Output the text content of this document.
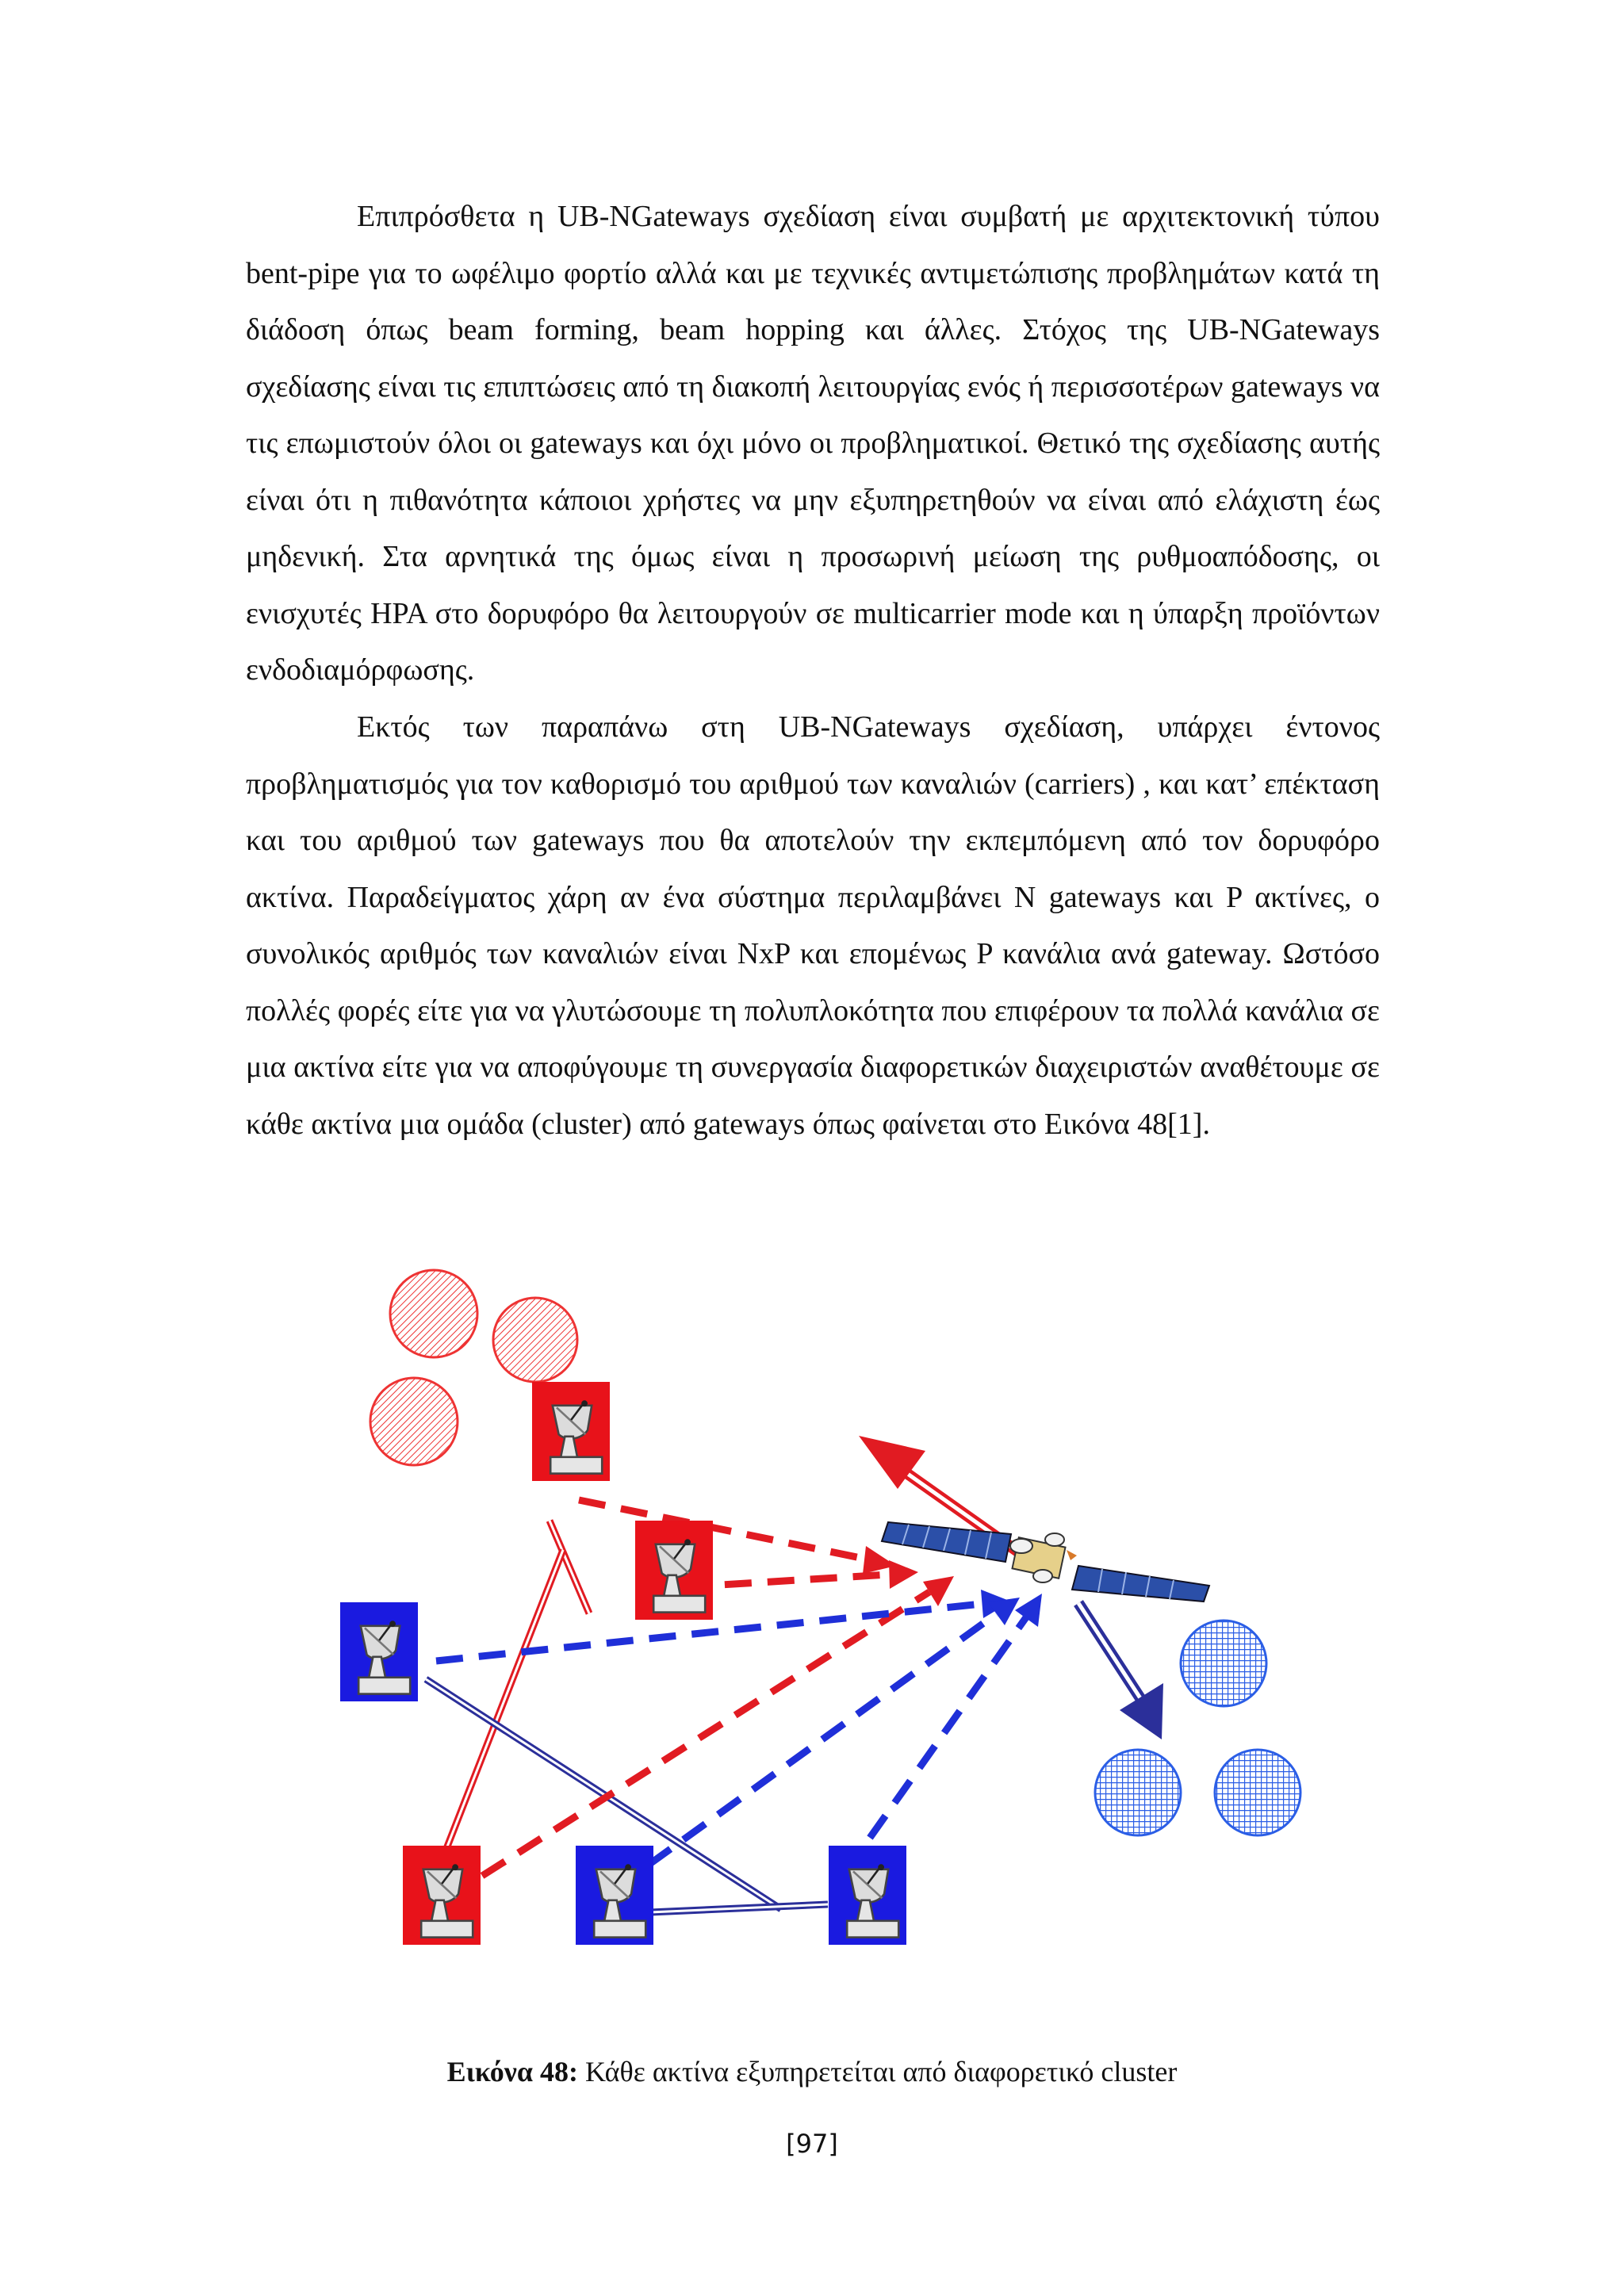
Επιπρόσθετα η UB-NGateways σχεδίαση είναι συμβατή με αρχιτεκτονική τύπου bent-pipe για το ωφέλιμο φορτίο αλλά και με τεχνικές αντιμετώπισης προβλημάτων κατά τη διάδοση όπως beam forming, beam hopping και άλλες. Στόχος της UB-NGateways σχεδίασης είναι τις επιπτώσεις από τη διακοπή λειτουργίας ενός ή περισσοτέρων gateways να τις επωμιστούν όλοι οι gateways και όχι μόνο οι προβληματικοί. Θετικό της σχεδίασης αυτής είναι ότι η πιθανότητα κάποιοι χρήστες να μην εξυπηρετηθούν να είναι από ελάχιστη έως μηδενική. Στα αρνητικά της όμως είναι η προσωρινή μείωση της ρυθμοαπόδοσης, οι ενισχυτές HPA στο δορυφόρο θα λειτουργούν σε multicarrier mode και η ύπαρξη προϊόντων ενδοδιαμόρφωσης.

Εκτός των παραπάνω στη UB-NGateways σχεδίαση, υπάρχει έντονος προβληματισμός για τον καθορισμό του αριθμού των καναλιών (carriers) , και κατ’ επέκταση και του αριθμού των gateways που θα αποτελούν την εκπεμπόμενη από τον δορυφόρο ακτίνα. Παραδείγματος χάρη αν ένα σύστημα περιλαμβάνει N gateways και P ακτίνες, ο συνολικός αριθμός των καναλιών είναι NxP και επομένως P κανάλια ανά gateway. Ωστόσο πολλές φορές είτε για να γλυτώσουμε τη πολυπλοκότητα που επιφέρουν τα πολλά κανάλια σε μια ακτίνα είτε για να αποφύγουμε τη συνεργασία διαφορετικών διαχειριστών αναθέτουμε σε κάθε ακτίνα μια ομάδα (cluster) από gateways όπως φαίνεται στο Εικόνα 48[1].

Εικόνα 48: Κάθε ακτίνα εξυπηρετείται από διαφορετικό cluster
[97]
